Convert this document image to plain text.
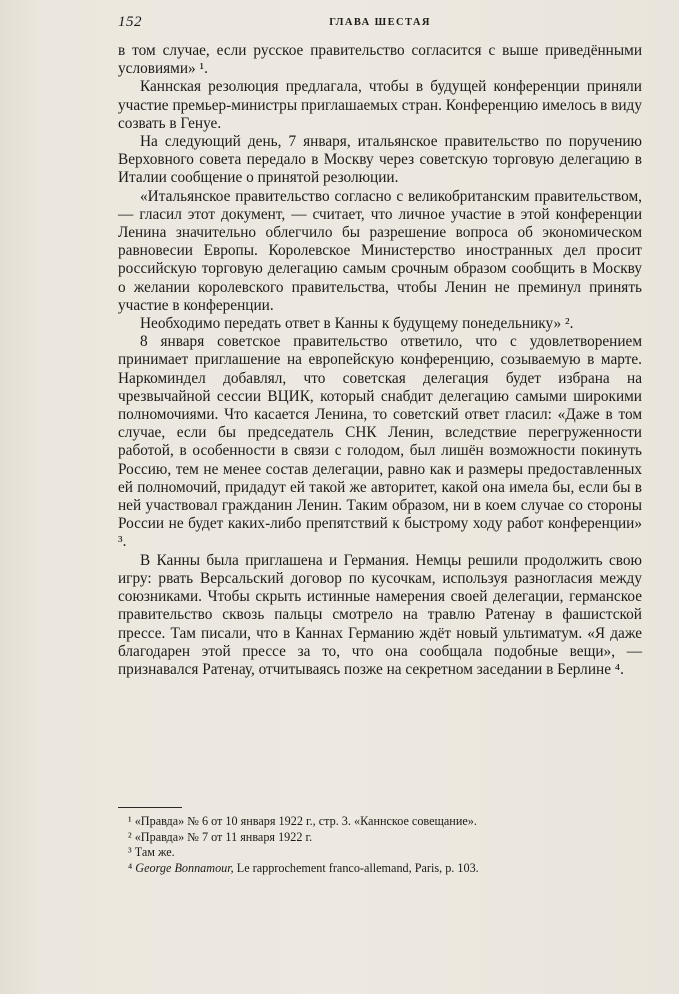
152	ГЛАВА ШЕСТАЯ

в том случае, если русское правительство согласится с выше приведёнными условиями» ¹.

Каннская резолюция предлагала, чтобы в будущей конференции приняли участие премьер-министры приглашаемых стран. Конференцию имелось в виду созвать в Генуе.

На следующий день, 7 января, итальянское правительство по поручению Верховного совета передало в Москву через советскую торговую делегацию в Италии сообщение о принятой резолюции.

«Итальянское правительство согласно с великобританским правительством, — гласил этот документ, — считает, что личное участие в этой конференции Ленина значительно облегчило бы разрешение вопроса об экономическом равновесии Европы. Королевское Министерство иностранных дел просит российскую торговую делегацию самым срочным образом сообщить в Москву о желании королевского правительства, чтобы Ленин не преминул принять участие в конференции.

Необходимо передать ответ в Канны к будущему понедельнику» ².

8 января советское правительство ответило, что с удовлетворением принимает приглашение на европейскую конференцию, созываемую в марте. Наркоминдел добавлял, что советская делегация будет избрана на чрезвычайной сессии ВЦИК, который снабдит делегацию самыми широкими полномочиями. Что касается Ленина, то советский ответ гласил: «Даже в том случае, если бы председатель СНК Ленин, вследствие перегруженности работой, в особенности в связи с голодом, был лишён возможности покинуть Россию, тем не менее состав делегации, равно как и размеры предоставленных ей полномочий, придадут ей такой же авторитет, какой она имела бы, если бы в ней участвовал гражданин Ленин. Таким образом, ни в коем случае со стороны России не будет каких-либо препятствий к быстрому ходу работ конференции» ³.

В Канны была приглашена и Германия. Немцы решили продолжить свою игру: рвать Версальский договор по кусочкам, используя разногласия между союзниками. Чтобы скрыть истинные намерения своей делегации, германское правительство сквозь пальцы смотрело на травлю Ратенау в фашистской прессе. Там писали, что в Каннах Германию ждёт новый ультиматум. «Я даже благодарен этой прессе за то, что она сообщала подобные вещи», — признавался Ратенау, отчитываясь позже на секретном заседании в Берлине ⁴.

¹ «Правда» № 6 от 10 января 1922 г., стр. 3. «Каннское совещание».

² «Правда» № 7 от 11 января 1922 г.

³ Там же.

⁴ George Bonnamour, Le rapprochement franco-allemand, Paris, p. 103.
